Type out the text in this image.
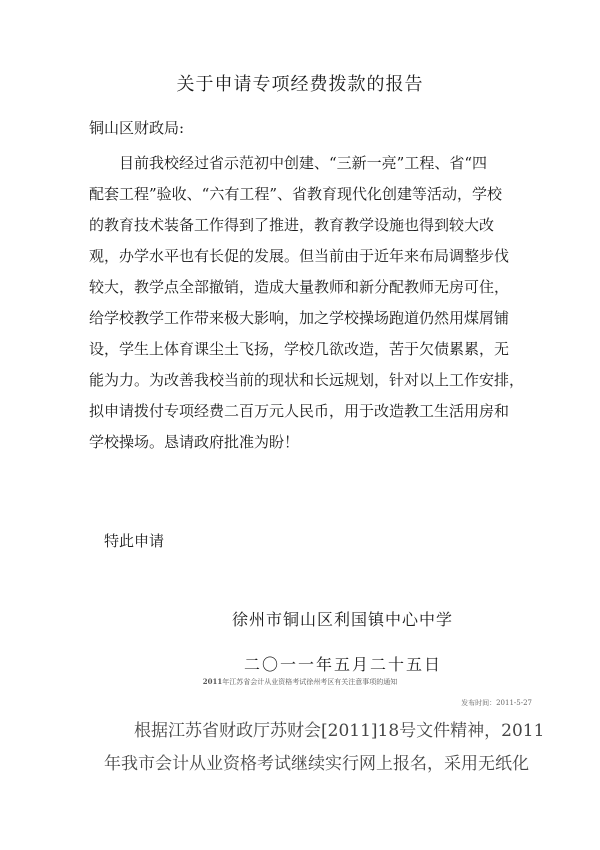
关于申请专项经费拨款的报告
铜山区财政局:

目前我校经过省示范初中创建、“三新一亮”工程、省“四
配套工程”验收、“六有工程”、省教育现代化创建等活动，学校
的教育技术装备工作得到了推进，教育教学设施也得到较大改
观，办学水平也有长促的发展。但当前由于近年来布局调整步伐
较大，教学点全部撤销，造成大量教师和新分配教师无房可住，
给学校教学工作带来极大影响，加之学校操场跑道仍然用煤屑铺
设，学生上体育课尘土飞扬，学校几欲改造，苦于欠债累累，无
能为力。为改善我校当前的现状和长远规划，针对以上工作安排，
拟申请拨付专项经费二百万元人民币，用于改造教工生活用房和
学校操场。恳请政府批准为盼！

特此申请
徐州市铜山区利国镇中心中学
二〇一一年五月二十五日
2011年江苏省会计从业资格考试徐州考区有关注意事项的通知
发布时间：2011-5-27
根据江苏省财政厅苏财会[2011]18号文件精神，2011
年我市会计从业资格考试继续实行网上报名，采用无纸化
